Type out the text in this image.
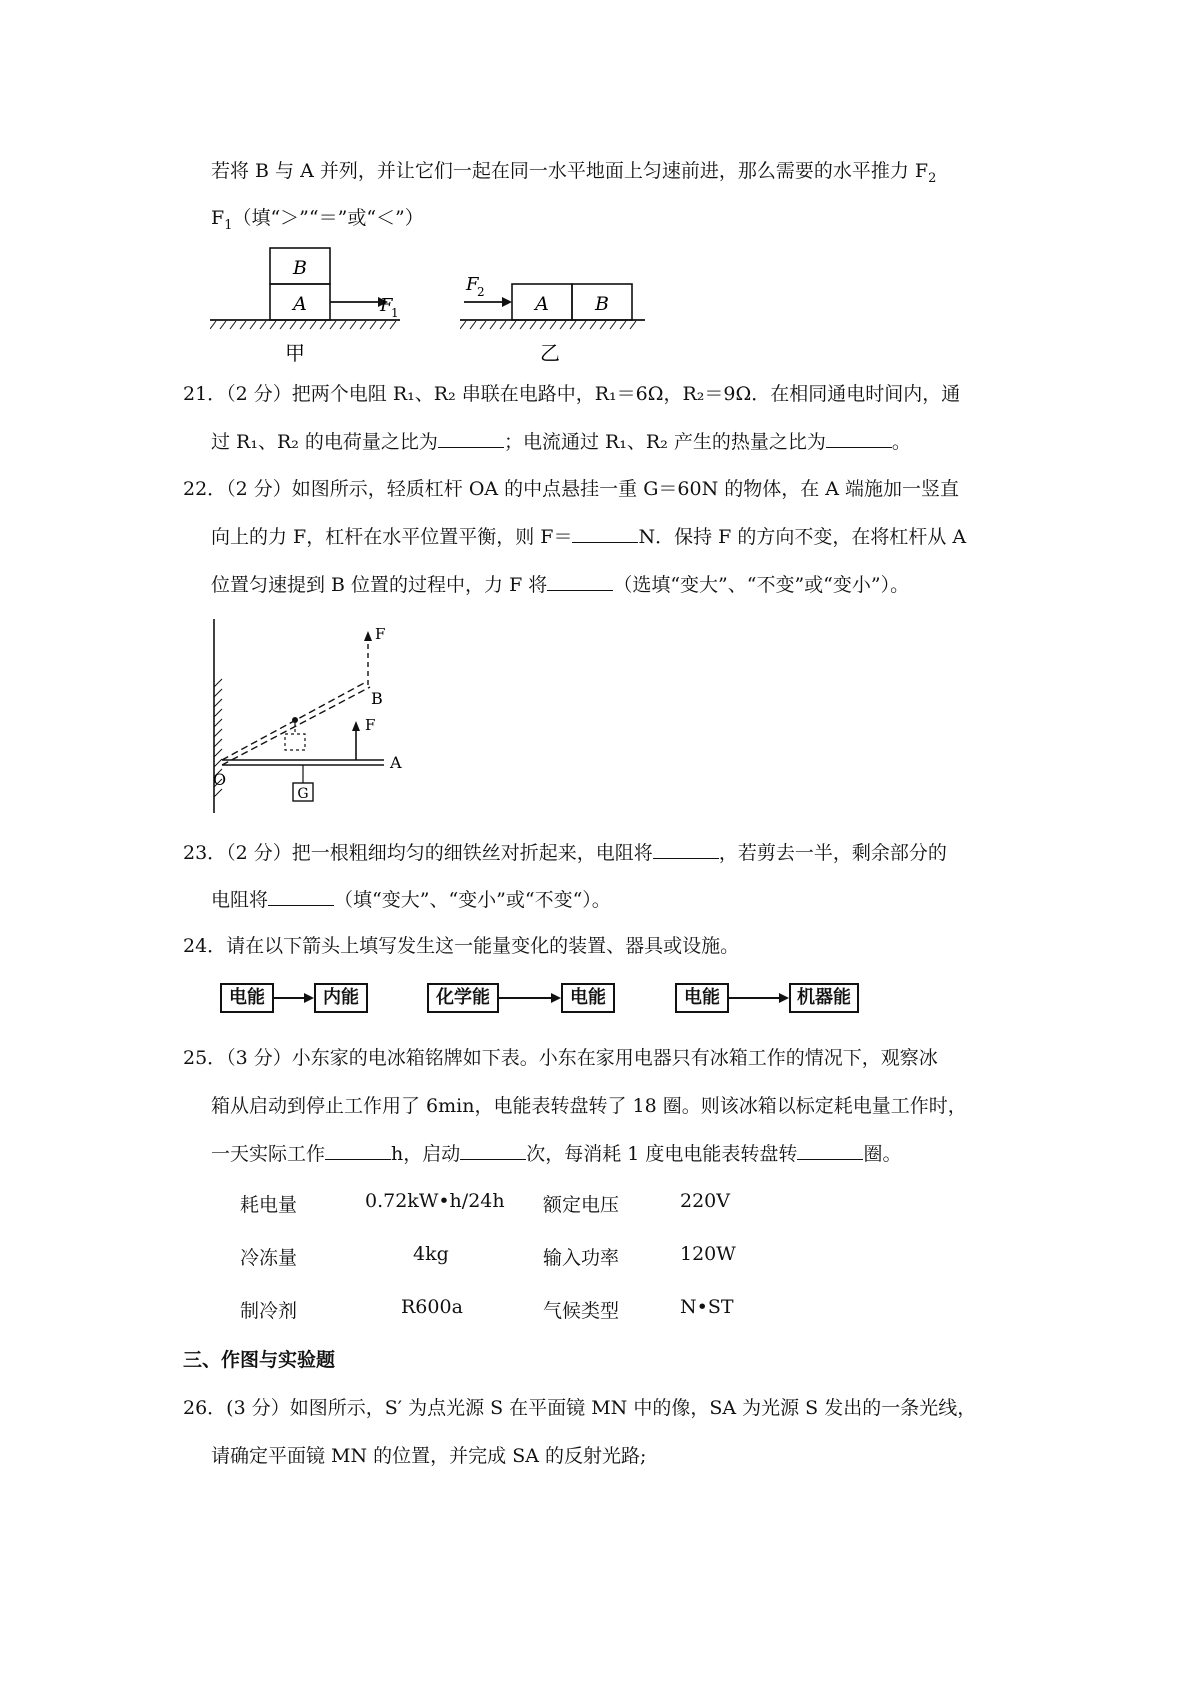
若将 B 与 A 并列，并让它们一起在同一水平地面上匀速前进，那么需要的水平推力 $F_2$
$F_1$（填“＞”“＝”或“＜”）
B
A	F
1
甲
F
2
A B
乙
21．（2 分）把两个电阻 R₁、R₂ 串联在电路中，R₁＝6Ω，R₂＝9Ω．在相同通电时间内，通
过 R₁、R₂ 的电荷量之比为	；电流通过 R₁、R₂ 产生的热量之比为	。
22．（2 分）如图所示，轻质杠杆 OA 的中点悬挂一重 G＝60N 的物体，在 A 端施加一竖直
向上的力 F，杠杆在水平位置平衡，则 F＝	N．保持 F 的方向不变，在将杠杆从 A
位置匀速提到 B 位置的过程中，力 F 将	（选填“变大”、“不变”或“变小”）。
F
B
F
A
O
G
23．（2 分）把一根粗细均匀的细铁丝对折起来，电阻将	，若剪去一半，剩余部分的
电阻将	（填“变大”、“变小”或“不变“）。
24．请在以下箭头上填写发生这一能量变化的装置、器具或设施。
电能	内能	化学能	电能	电能	机器能
25．（3 分）小东家的电冰箱铭牌如下表。小东在家用电器只有冰箱工作的情况下，观察冰
箱从启动到停止工作用了 6min，电能表转盘转了 18 圈。则该冰箱以标定耗电量工作时，
一天实际工作	h，启动	次，每消耗 1 度电电能表转盘转	圈。
耗电量	0.72kW•h/24h 额定电压	220V
冷冻量	4kg	输入功率	120W
制冷剂	R600a	气候类型	N•ST
三、作图与实验题
26．(3 分）如图所示，S′ 为点光源 S 在平面镜 MN 中的像，SA 为光源 S 发出的一条光线，
请确定平面镜 MN 的位置，并完成 SA 的反射光路;
